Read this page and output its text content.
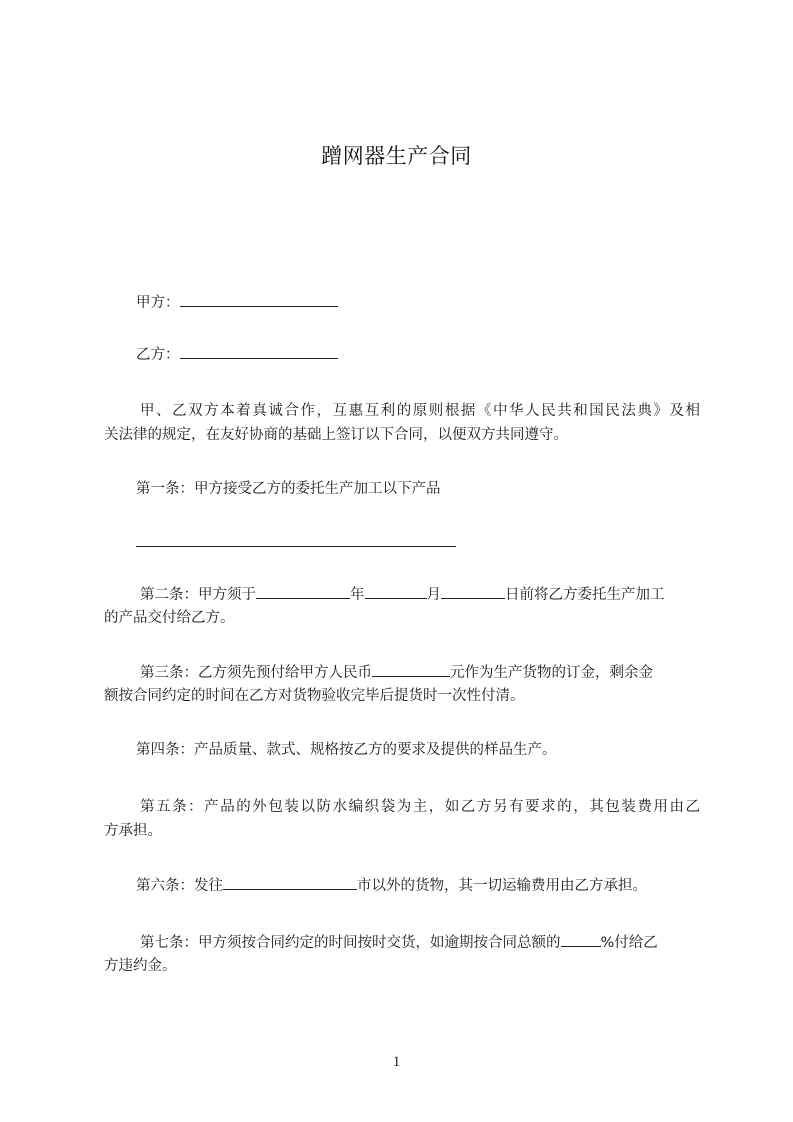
蹭网器生产合同
甲方：
乙方：
甲、乙双方本着真诚合作，互惠互利的原则根据《中华人民共和国民法典》及相
关法律的规定，在友好协商的基础上签订以下合同，以便双方共同遵守。
第一条：甲方接受乙方的委托生产加工以下产品
第二条：甲方须于	年	月	日前将乙方委托生产加工
的产品交付给乙方。
第三条：乙方须先预付给甲方人民币	元作为生产货物的订金，剩余金
额按合同约定的时间在乙方对货物验收完毕后提货时一次性付清。
第四条：产品质量、款式、规格按乙方的要求及提供的样品生产。
第五条：产品的外包装以防水编织袋为主，如乙方另有要求的，其包装费用由乙
方承担。
第六条：发往	市以外的货物，其一切运输费用由乙方承担。
第七条：甲方须按合同约定的时间按时交货，如逾期按合同总额的	%付给乙
方违约金。
1
